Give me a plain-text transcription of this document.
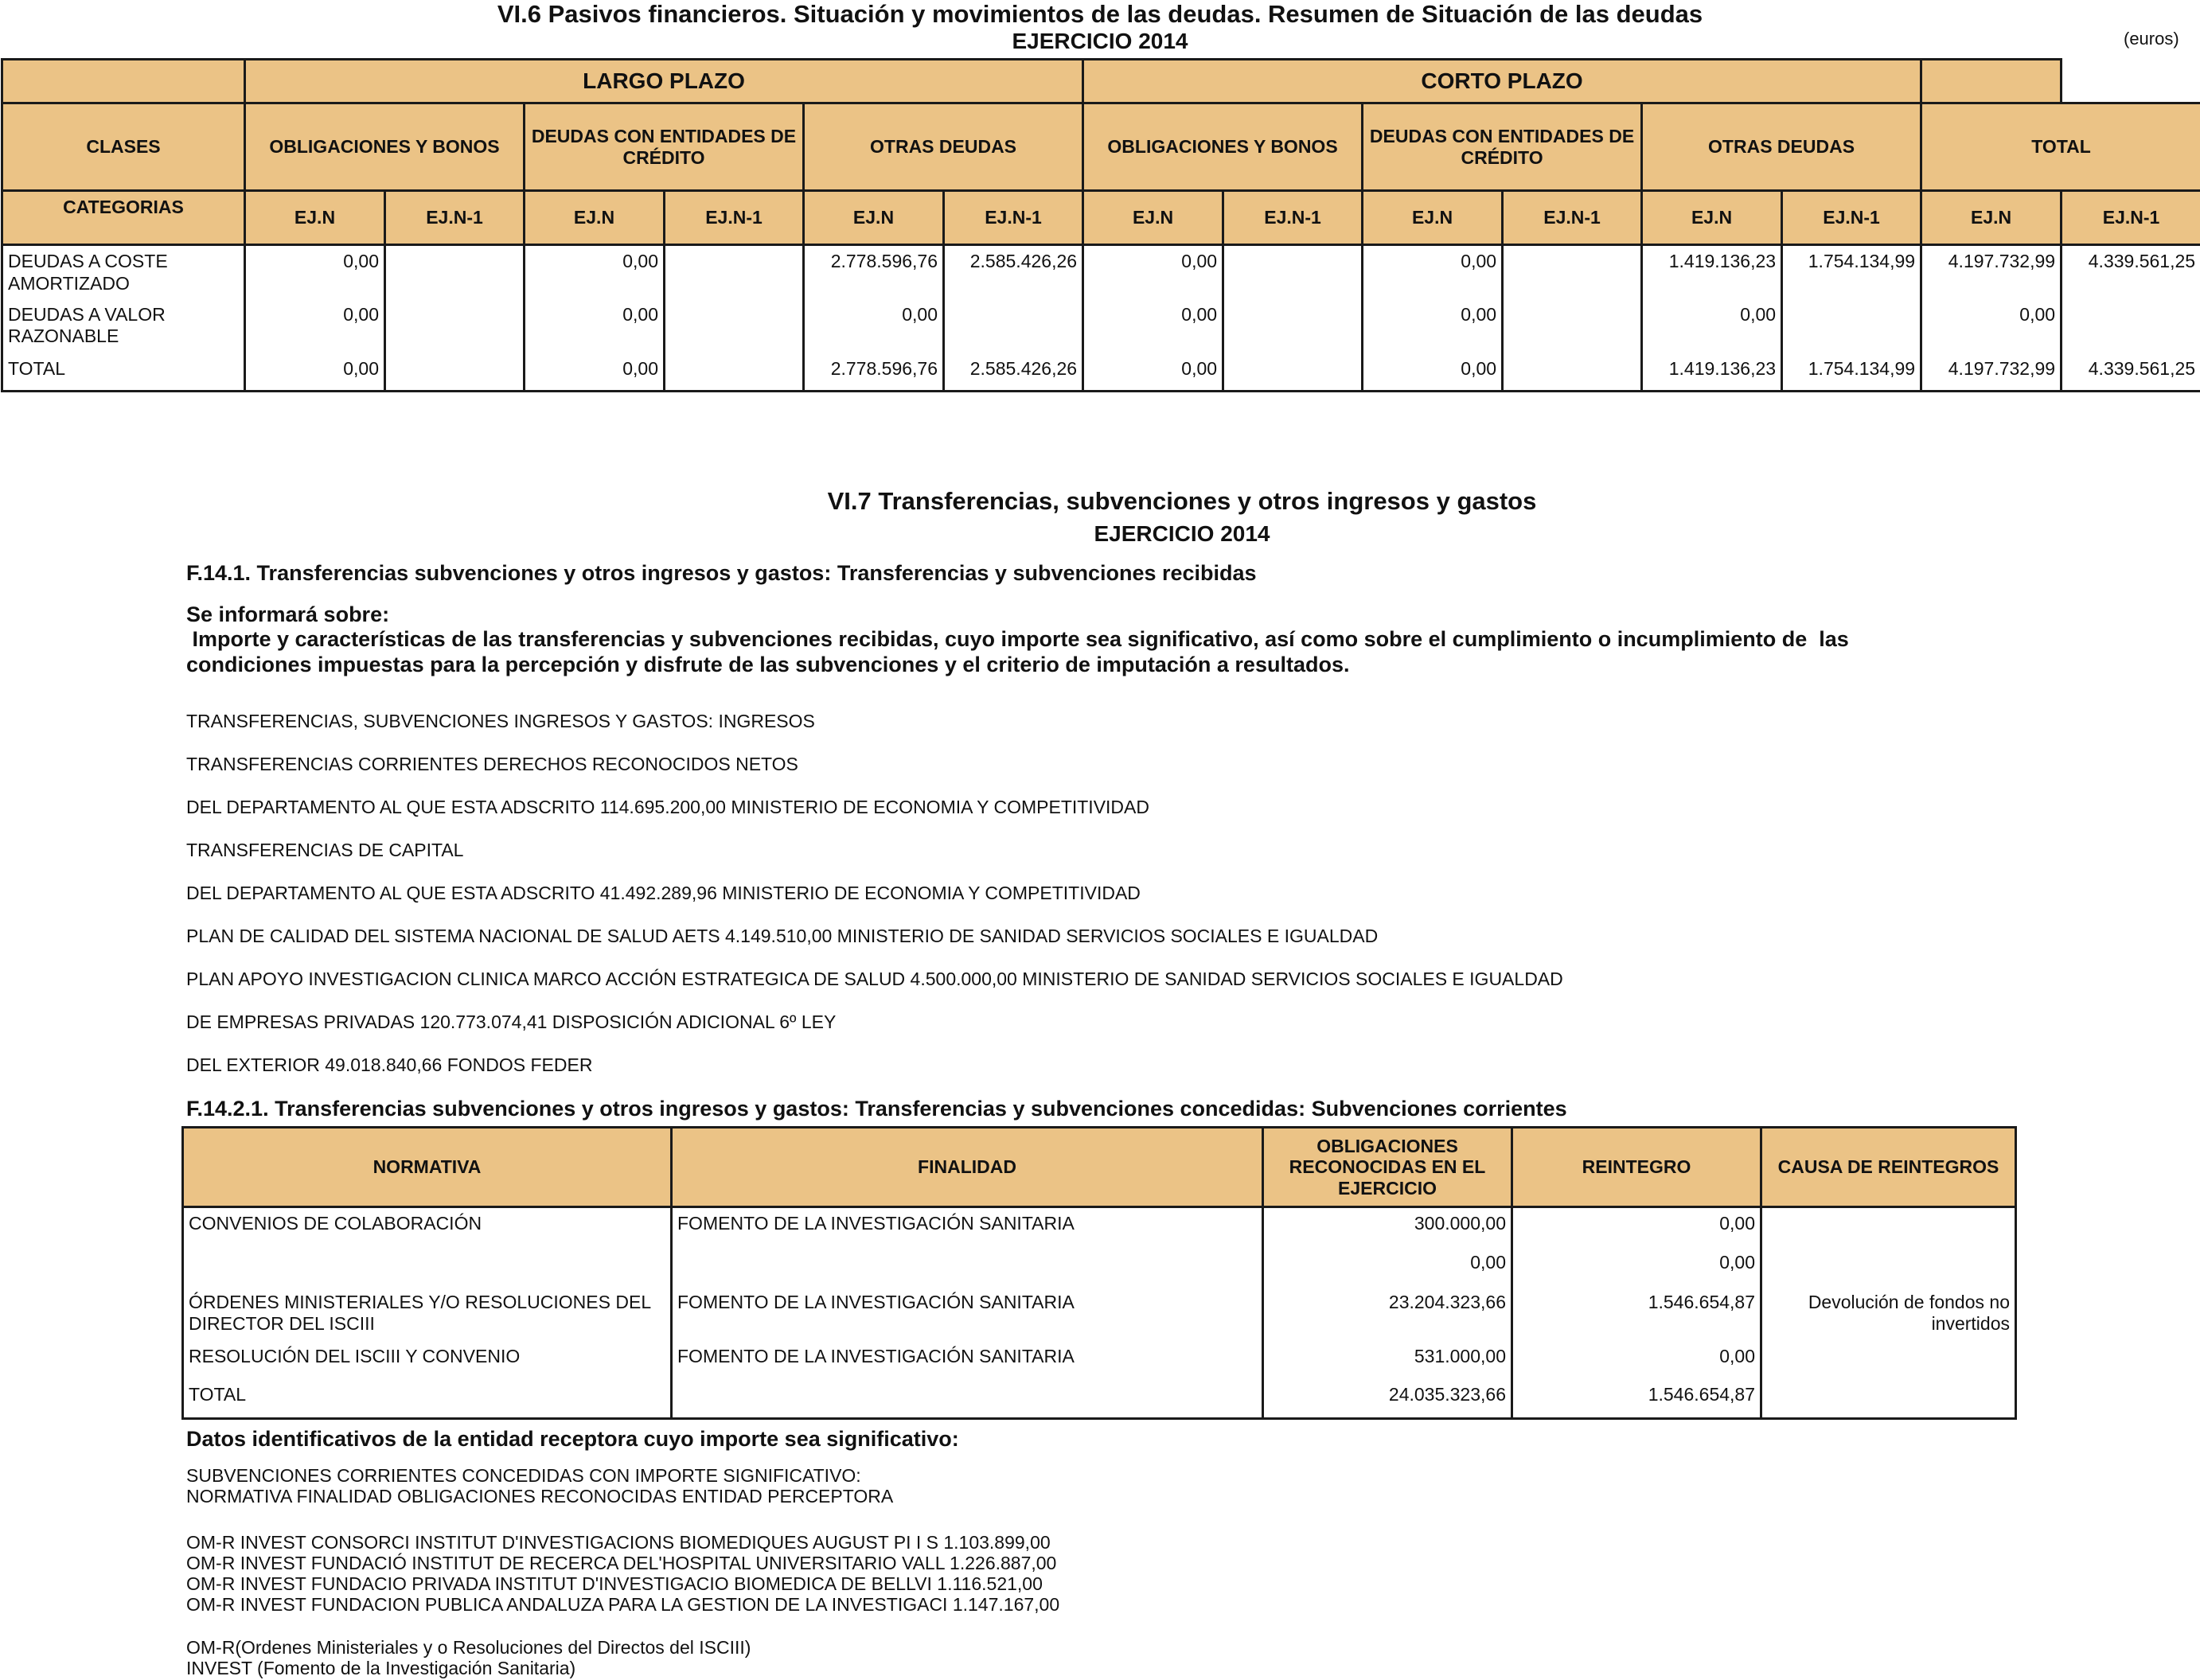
VI.6 Pasivos financieros. Situación y movimientos de las deudas. Resumen de Situación de las deudas
EJERCICIO 2014	(euros)
	LARGO PLAZO						CORTO PLAZO							
CLASES	OBLIGACIONES Y BONOS		DEUDAS CON ENTIDADES DE CRÉDITO		OTRAS DEUDAS		OBLIGACIONES Y BONOS		DEUDAS CON ENTIDADES DE CRÉDITO		OTRAS DEUDAS		TOTAL	
CATEGORIAS	EJ.N	EJ.N-1	EJ.N	EJ.N-1	EJ.N	EJ.N-1	EJ.N	EJ.N-1	EJ.N	EJ.N-1	EJ.N	EJ.N-1	EJ.N	EJ.N-1
DEUDAS A COSTE AMORTIZADO	0,00		0,00		2.778.596,76	2.585.426,26	0,00		0,00		1.419.136,23	1.754.134,99	4.197.732,99	4.339.561,25
DEUDAS A VALOR RAZONABLE	0,00		0,00		0,00		0,00		0,00		0,00		0,00	
TOTAL	0,00		0,00		2.778.596,76	2.585.426,26	0,00		0,00		1.419.136,23	1.754.134,99	4.197.732,99	4.339.561,25
VI.7 Transferencias, subvenciones y otros ingresos y gastos
EJERCICIO 2014
F.14.1. Transferencias subvenciones y otros ingresos y gastos: Transferencias y subvenciones recibidas
Se informará sobre:
Importe y características de las transferencias y subvenciones recibidas, cuyo importe sea significativo, así como sobre el cumplimiento o incumplimiento de  las condiciones impuestas para la percepción y disfrute de las subvenciones y el criterio de imputación a resultados.
TRANSFERENCIAS, SUBVENCIONES INGRESOS Y GASTOS: INGRESOS
TRANSFERENCIAS CORRIENTES DERECHOS RECONOCIDOS NETOS
DEL DEPARTAMENTO AL QUE ESTA ADSCRITO 114.695.200,00 MINISTERIO DE ECONOMIA Y COMPETITIVIDAD
TRANSFERENCIAS DE CAPITAL
DEL DEPARTAMENTO AL QUE ESTA ADSCRITO 41.492.289,96 MINISTERIO DE ECONOMIA Y COMPETITIVIDAD
PLAN DE CALIDAD DEL SISTEMA NACIONAL DE SALUD AETS 4.149.510,00 MINISTERIO DE SANIDAD SERVICIOS SOCIALES E IGUALDAD
PLAN APOYO INVESTIGACION CLINICA MARCO ACCIÓN ESTRATEGICA DE SALUD 4.500.000,00 MINISTERIO DE SANIDAD SERVICIOS SOCIALES E IGUALDAD
DE EMPRESAS PRIVADAS 120.773.074,41 DISPOSICIÓN ADICIONAL 6º LEY
DEL EXTERIOR 49.018.840,66 FONDOS FEDER
F.14.2.1. Transferencias subvenciones y otros ingresos y gastos: Transferencias y subvenciones concedidas: Subvenciones corrientes
NORMATIVA	FINALIDAD	OBLIGACIONES RECONOCIDAS EN EL EJERCICIO	REINTEGRO	CAUSA DE REINTEGROS
CONVENIOS DE COLABORACIÓN	FOMENTO DE LA INVESTIGACIÓN SANITARIA	300.000,00	0,00	
		0,00	0,00	
ÓRDENES MINISTERIALES Y/O RESOLUCIONES DEL DIRECTOR DEL ISCIII	FOMENTO DE LA INVESTIGACIÓN SANITARIA	23.204.323,66	1.546.654,87	Devolución de fondos no invertidos
RESOLUCIÓN DEL ISCIII Y CONVENIO	FOMENTO DE LA INVESTIGACIÓN SANITARIA	531.000,00	0,00	
TOTAL		24.035.323,66	1.546.654,87	
Datos identificativos de la entidad receptora cuyo importe sea significativo:
SUBVENCIONES CORRIENTES CONCEDIDAS CON IMPORTE SIGNIFICATIVO:
NORMATIVA FINALIDAD OBLIGACIONES RECONOCIDAS ENTIDAD PERCEPTORA
OM-R INVEST CONSORCI INSTITUT D'INVESTIGACIONS BIOMEDIQUES AUGUST PI I S 1.103.899,00
OM-R INVEST FUNDACIÓ INSTITUT DE RECERCA DEL'HOSPITAL UNIVERSITARIO VALL 1.226.887,00
OM-R INVEST FUNDACIO PRIVADA INSTITUT D'INVESTIGACIO BIOMEDICA DE BELLVI 1.116.521,00
OM-R INVEST FUNDACION PUBLICA ANDALUZA PARA LA GESTION DE LA INVESTIGACI 1.147.167,00
OM-R(Ordenes Ministeriales y o Resoluciones del Directos del ISCIII)
INVEST (Fomento de la Investigación Sanitaria)
